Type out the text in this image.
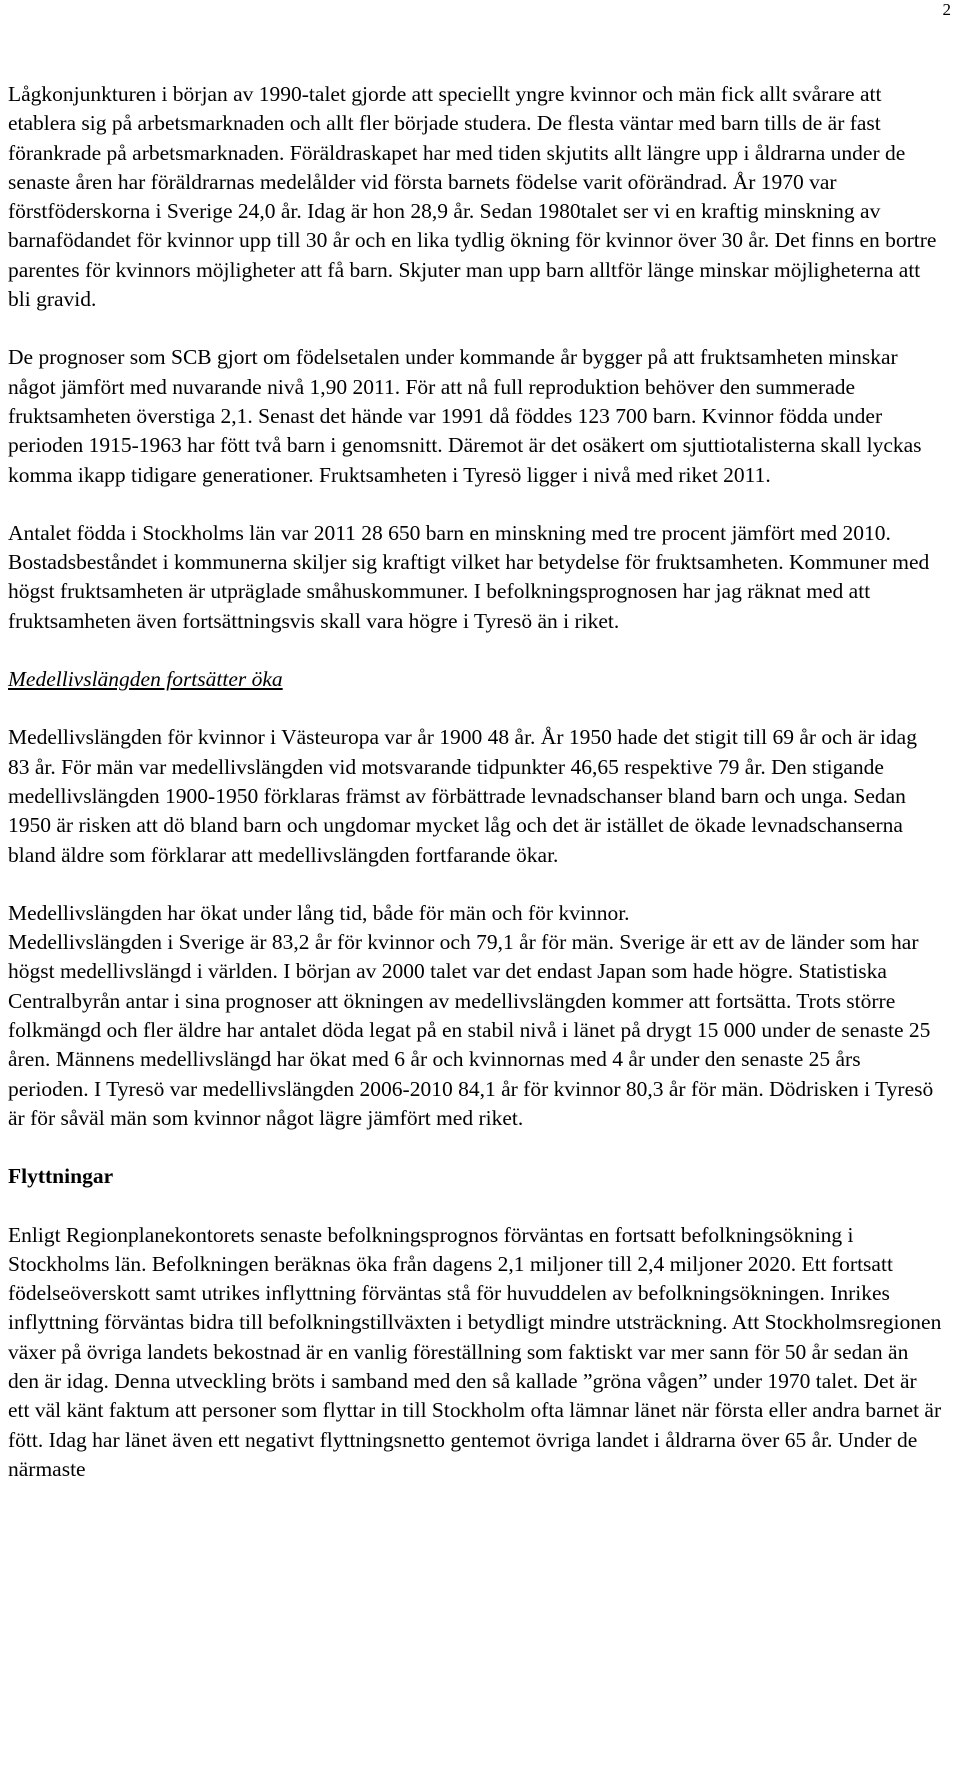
2

Lågkonjunkturen i början av 1990-talet gjorde att speciellt yngre kvinnor och män fick allt svårare att etablera sig på arbetsmarknaden och allt fler började studera. De flesta väntar med barn tills de är fast förankrade på arbetsmarknaden. Föräldraskapet har med tiden skjutits allt längre upp i åldrarna under de senaste åren har föräldrarnas medelålder vid första barnets födelse varit oförändrad. År 1970 var förstföderskorna i Sverige 24,0 år. Idag är hon 28,9 år. Sedan 1980talet ser vi en kraftig minskning av barnafödandet för kvinnor upp till 30 år och en lika tydlig ökning för kvinnor över 30 år. Det finns en bortre parentes för kvinnors möjligheter att få barn. Skjuter man upp barn alltför länge minskar möjligheterna att bli gravid.

De prognoser som SCB gjort om födelsetalen under kommande år bygger på att fruktsamheten minskar något jämfört med nuvarande nivå 1,90 2011. För att nå full reproduktion behöver den summerade fruktsamheten överstiga 2,1. Senast det hände var 1991 då föddes 123 700 barn. Kvinnor födda under perioden 1915-1963 har fött två barn i genomsnitt. Däremot är det osäkert om sjuttiotalisterna skall lyckas komma ikapp tidigare generationer. Fruktsamheten i Tyresö ligger i nivå med riket 2011.

Antalet födda i Stockholms län var 2011 28 650 barn en minskning med tre procent jämfört med 2010. Bostadsbeståndet i kommunerna skiljer sig kraftigt vilket har betydelse för fruktsamheten. Kommuner med högst fruktsamheten är utpräglade småhuskommuner. I befolkningsprognosen har jag räknat med att fruktsamheten även fortsättningsvis skall vara högre i Tyresö än i riket.

Medellivslängden fortsätter öka

Medellivslängden för kvinnor i Västeuropa var år 1900 48 år. År 1950 hade det stigit till 69 år och är idag 83 år. För män var medellivslängden vid motsvarande tidpunkter 46,65 respektive 79 år. Den stigande medellivslängden 1900-1950 förklaras främst av förbättrade levnadschanser bland barn och unga. Sedan 1950 är risken att dö bland barn och ungdomar mycket låg och det är istället de ökade levnadschanserna bland äldre som förklarar att medellivslängden fortfarande ökar.

Medellivslängden har ökat under lång tid, både för män och för kvinnor.

Medellivslängden i Sverige är 83,2 år för kvinnor och 79,1 år för män. Sverige är ett av de länder som har högst medellivslängd i världen. I början av 2000 talet var det endast Japan som hade högre. Statistiska Centralbyrån antar i sina prognoser att ökningen av medellivslängden kommer att fortsätta. Trots större folkmängd och fler äldre har antalet döda legat på en stabil nivå i länet på drygt 15 000 under de senaste 25 åren. Männens medellivslängd har ökat med 6 år och kvinnornas med 4 år under den senaste 25 års perioden. I Tyresö var medellivslängden 2006-2010 84,1 år för kvinnor 80,3 år för män. Dödrisken i Tyresö är för såväl män som kvinnor något lägre jämfört med riket.

Flyttningar

Enligt Regionplanekontorets senaste befolkningsprognos förväntas en fortsatt befolkningsökning i Stockholms län. Befolkningen beräknas öka från dagens 2,1 miljoner till 2,4 miljoner 2020. Ett fortsatt födelseöverskott samt utrikes inflyttning förväntas stå för huvuddelen av befolkningsökningen. Inrikes inflyttning förväntas bidra till befolkningstillväxten i betydligt mindre utsträckning. Att Stockholmsregionen växer på övriga landets bekostnad är en vanlig föreställning som faktiskt var mer sann för 50 år sedan än den är idag. Denna utveckling bröts i samband med den så kallade ”gröna vågen” under 1970 talet. Det är ett väl känt faktum att personer som flyttar in till Stockholm ofta lämnar länet när första eller andra barnet är fött. Idag har länet även ett negativt flyttningsnetto gentemot övriga landet i åldrarna över 65 år. Under de närmaste
